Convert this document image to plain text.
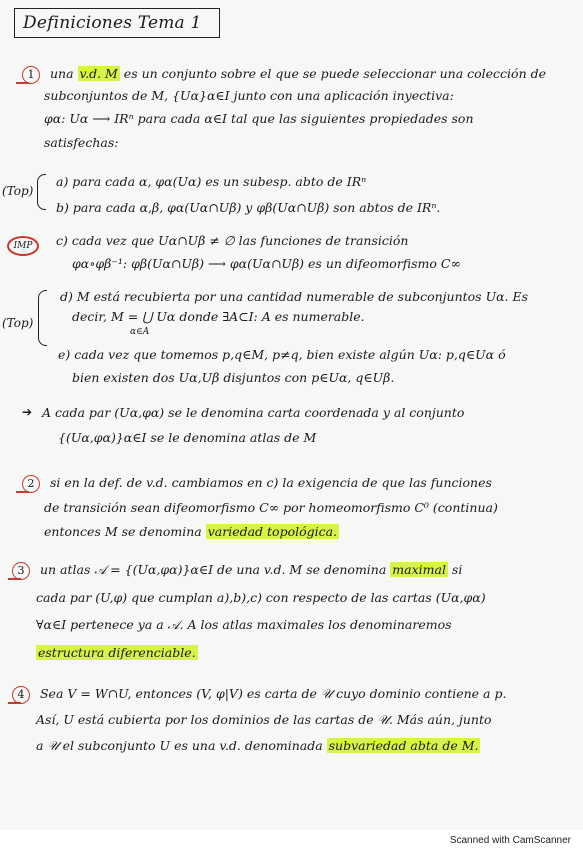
Definiciones Tema 1
1 una v.d. M es un conjunto sobre el que se puede seleccionar una colección de
subconjuntos de M, {Uα}α∈I junto con una aplicación inyectiva:
φα: Uα ⟶ IRⁿ para cada α∈I tal que las siguientes propiedades son
satisfechas:
(Top)
a) para cada α, φα(Uα) es un subesp. abto de IRⁿ
b) para cada α,β, φα(Uα∩Uβ) y φβ(Uα∩Uβ) son abtos de IRⁿ.
IMP	c) cada vez que Uα∩Uβ ≠ ∅ las funciones de transición
φα∘φβ⁻¹: φβ(Uα∩Uβ) ⟶ φα(Uα∩Uβ) es un difeomorfismo C∞
(Top)
d) M está recubierta por una cantidad numerable de subconjuntos Uα. Es
decir, M = ⋃ Uα donde ∃A⊂I: A es numerable.
α∈A
e) cada vez que tomemos p,q∈M, p≠q, bien existe algún Uα: p,q∈Uα ó
bien existen dos Uα,Uβ disjuntos con p∈Uα, q∈Uβ.
➔ A cada par (Uα,φα) se le denomina carta coordenada y al conjunto
{(Uα,φα)}α∈I se le denomina atlas de M
2 si en la def. de v.d. cambiamos en c) la exigencia de que las funciones
de transición sean difeomorfismo C∞ por homeomorfismo C⁰ (continua)
entonces M se denomina variedad topológica.
3 un atlas 𝒜 = {(Uα,φα)}α∈I de una v.d. M se denomina maximal si
cada par (U,φ) que cumplan a),b),c) con respecto de las cartas (Uα,φα)
∀α∈I pertenece ya a 𝒜. A los atlas maximales los denominaremos
estructura diferenciable.
4 Sea V = W∩U, entonces (V, φ|V) es carta de 𝒰 cuyo dominio contiene a p.
Así, U está cubierta por los dominios de las cartas de 𝒰. Más aún, junto
a 𝒰 el subconjunto U es una v.d. denominada subvariedad abta de M.
Scanned with CamScanner
